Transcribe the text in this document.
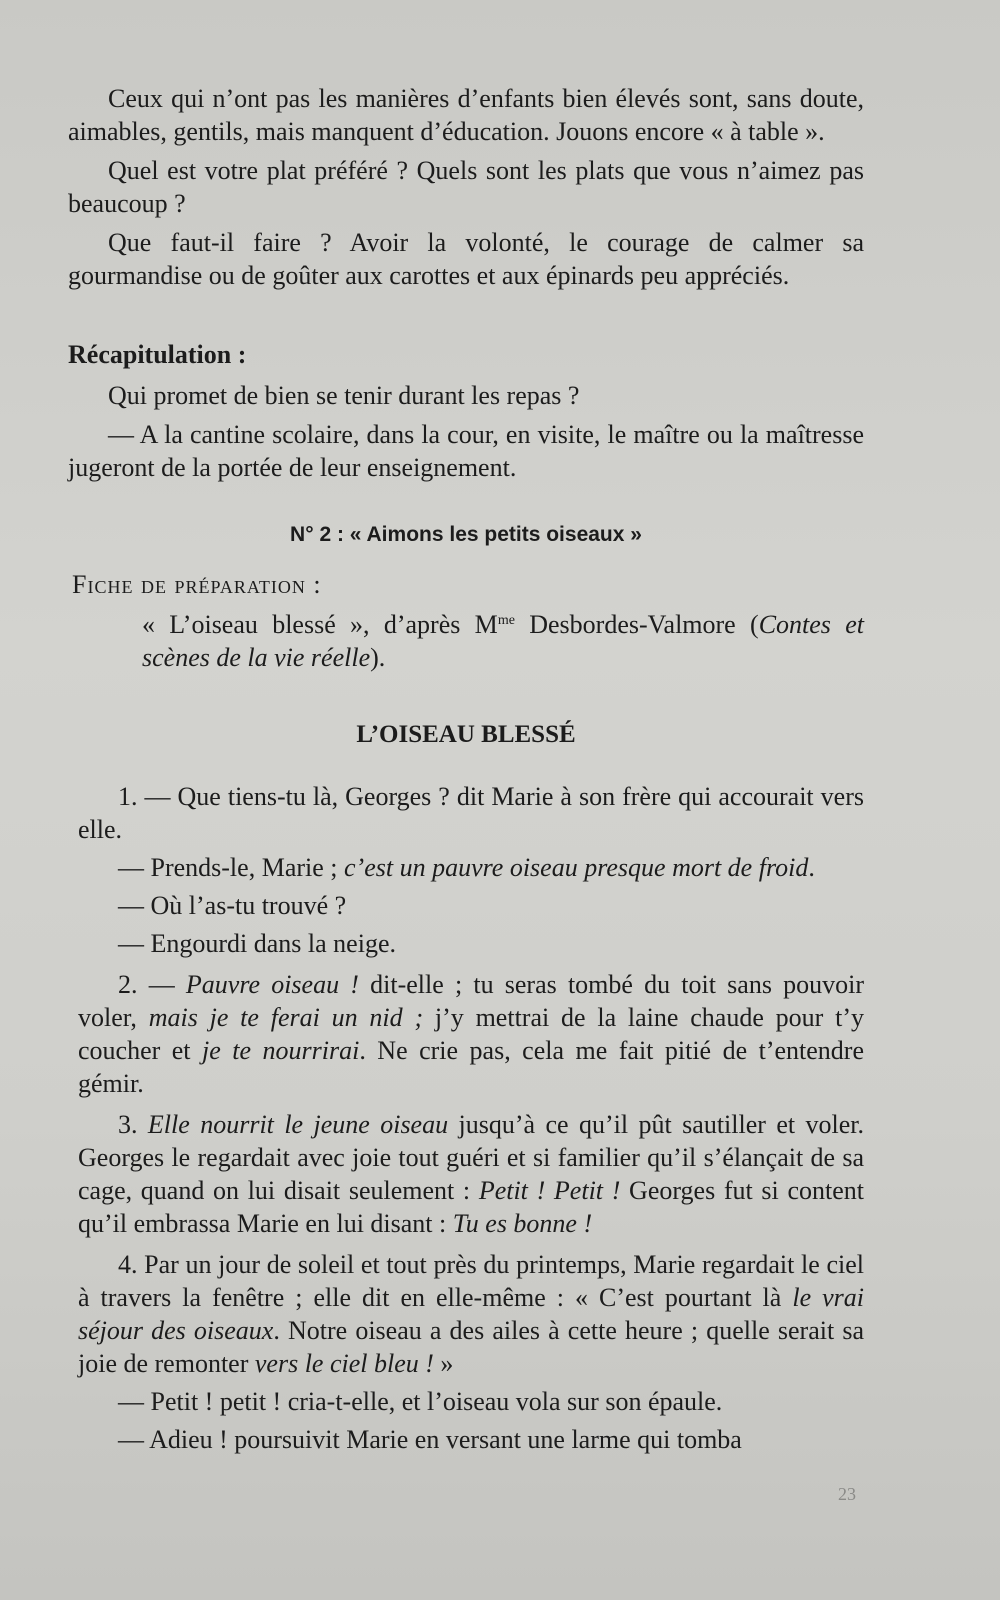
Ceux qui n’ont pas les manières d’enfants bien élevés sont, sans doute, aimables, gentils, mais manquent d’éducation. Jouons encore « à table ».

Quel est votre plat préféré ? Quels sont les plats que vous n’aimez pas beaucoup ?

Que faut-il faire ? Avoir la volonté, le courage de calmer sa gourmandise ou de goûter aux carottes et aux épinards peu appréciés.

Récapitulation :

Qui promet de bien se tenir durant les repas ?

— A la cantine scolaire, dans la cour, en visite, le maître ou la maîtresse jugeront de la portée de leur enseignement.

N° 2 : « Aimons les petits oiseaux »
Fiche de préparation :

« L’oiseau blessé », d’après $M^{me}$ Desbordes-Valmore (Contes et scènes de la vie réelle).

L’OISEAU BLESSÉ

1. — Que tiens-tu là, Georges ? dit Marie à son frère qui accourait vers elle.

— Prends-le, Marie ; c’est un pauvre oiseau presque mort de froid.

— Où l’as-tu trouvé ?

— Engourdi dans la neige.

2. — Pauvre oiseau ! dit-elle ; tu seras tombé du toit sans pouvoir voler, mais je te ferai un nid ; j’y mettrai de la laine chaude pour t’y coucher et je te nourrirai. Ne crie pas, cela me fait pitié de t’entendre gémir.

3. Elle nourrit le jeune oiseau jusqu’à ce qu’il pût sautiller et voler. Georges le regardait avec joie tout guéri et si familier qu’il s’élançait de sa cage, quand on lui disait seulement : Petit ! Petit ! Georges fut si content qu’il embrassa Marie en lui disant : Tu es bonne !

4. Par un jour de soleil et tout près du printemps, Marie regardait le ciel à travers la fenêtre ; elle dit en elle-même : « C’est pourtant là le vrai séjour des oiseaux. Notre oiseau a des ailes à cette heure ; quelle serait sa joie de remonter vers le ciel bleu ! »

— Petit ! petit ! cria-t-elle, et l’oiseau vola sur son épaule.

— Adieu ! poursuivit Marie en versant une larme qui tomba

23
